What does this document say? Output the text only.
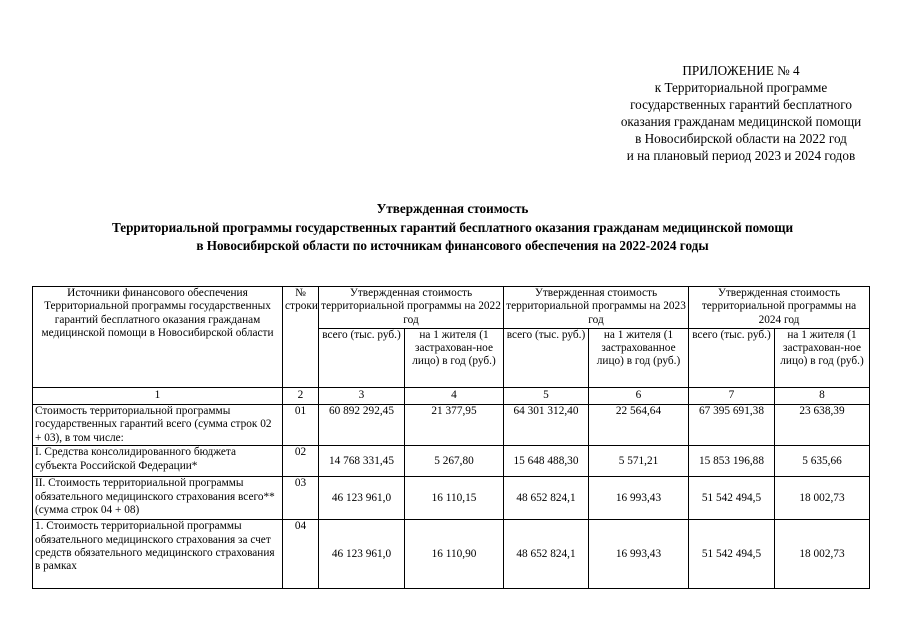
ПРИЛОЖЕНИЕ № 4
к Территориальной программе
государственных гарантий бесплатного
оказания гражданам медицинской помощи
в Новосибирской области на 2022 год
и на плановый период 2023 и 2024 годов
Утвержденная стоимость
Территориальной программы государственных гарантий бесплатного оказания гражданам медицинской помощи
в Новосибирской области по источникам финансового обеспечения на 2022-2024 годы
Источники финансового обеспечения Территориальной программы государственных гарантий бесплатного оказания гражданам медицинской помощи в Новосибирской области	№ строки	Утвержденная стоимость территориальной программы на 2022 год		Утвержденная стоимость территориальной программы на 2023 год		Утвержденная стоимость территориальной программы на 2024 год	
		всего (тыс. руб.)	на 1 жителя (1 застрахован-ное лицо) в год (руб.)	всего (тыс. руб.)	на 1 жителя (1 застрахованное лицо) в год (руб.)	всего (тыс. руб.)	на 1 жителя (1 застрахован-ное лицо) в год (руб.)
1	2	3	4	5	6	7	8
Стоимость территориальной программы государственных гарантий всего (сумма строк 02 + 03), в том числе:	01	60 892 292,45	21 377,95	64 301 312,40	22 564,64	67 395 691,38	23 638,39
I. Средства консолидированного бюджета субъекта Российской Федерации*	02	14 768 331,45	5 267,80	15 648 488,30	5 571,21	15 853 196,88	5 635,66
II. Стоимость территориальной программы обязательного медицинского страхования всего** (сумма строк 04 + 08)	03	46 123 961,0	16 110,15	48 652 824,1	16 993,43	51 542 494,5	18 002,73
1. Стоимость территориальной программы обязательного медицинского страхования за счет средств обязательного медицинского страхования в рамках	04	46 123 961,0	16 110,90	48 652 824,1	16 993,43	51 542 494,5	18 002,73
